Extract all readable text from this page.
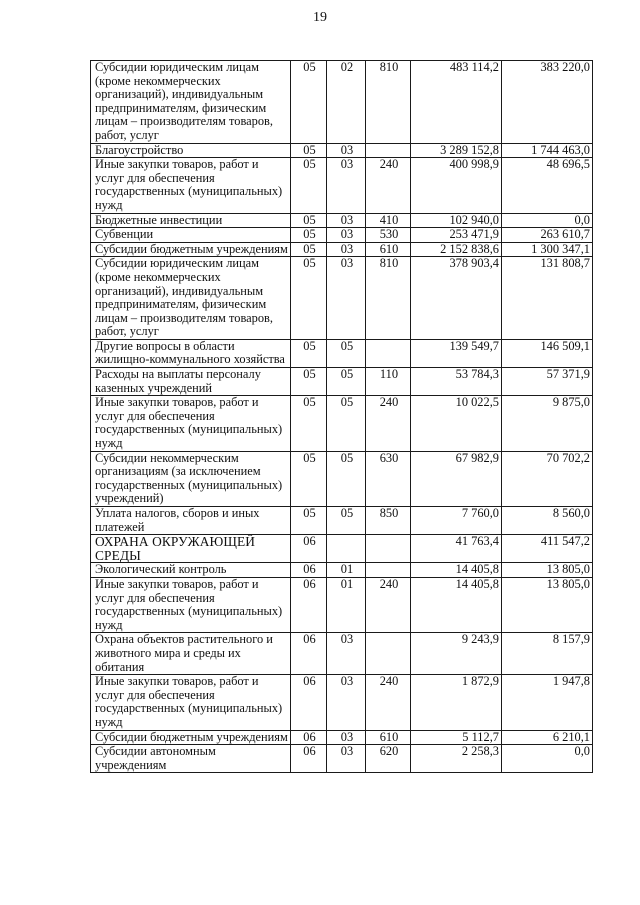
19
Субсидии юридическим лицам (кроме некоммерческих организаций), индивидуальным предпринимателям, физическим лицам – производителям товаров, работ, услуг	05	02	810	483 114,2	383 220,0
Благоустройство	05	03		3 289 152,8	1 744 463,0
Иные закупки товаров, работ и услуг для обеспечения государственных (муниципальных) нужд	05	03	240	400 998,9	48 696,5
Бюджетные инвестиции	05	03	410	102 940,0	0,0
Субвенции	05	03	530	253 471,9	263 610,7
Субсидии бюджетным учреждениям	05	03	610	2 152 838,6	1 300 347,1
Субсидии юридическим лицам (кроме некоммерческих организаций), индивидуальным предпринимателям, физическим лицам – производителям товаров, работ, услуг	05	03	810	378 903,4	131 808,7
Другие вопросы в области жилищно-коммунального хозяйства	05	05		139 549,7	146 509,1
Расходы на выплаты персоналу казенных учреждений	05	05	110	53 784,3	57 371,9
Иные закупки товаров, работ и услуг для обеспечения государственных (муниципальных) нужд	05	05	240	10 022,5	9 875,0
Субсидии некоммерческим организациям (за исключением государственных (муниципальных) учреждений)	05	05	630	67 982,9	70 702,2
Уплата налогов, сборов и иных платежей	05	05	850	7 760,0	8 560,0
ОХРАНА ОКРУЖАЮЩЕЙ СРЕДЫ	06			41 763,4	411 547,2
Экологический контроль	06	01		14 405,8	13 805,0
Иные закупки товаров, работ и услуг для обеспечения государственных (муниципальных) нужд	06	01	240	14 405,8	13 805,0
Охрана объектов растительного и животного мира и среды их обитания	06	03		9 243,9	8 157,9
Иные закупки товаров, работ и услуг для обеспечения государственных (муниципальных) нужд	06	03	240	1 872,9	1 947,8
Субсидии бюджетным учреждениям	06	03	610	5 112,7	6 210,1
Субсидии автономным учреждениям	06	03	620	2 258,3	0,0
